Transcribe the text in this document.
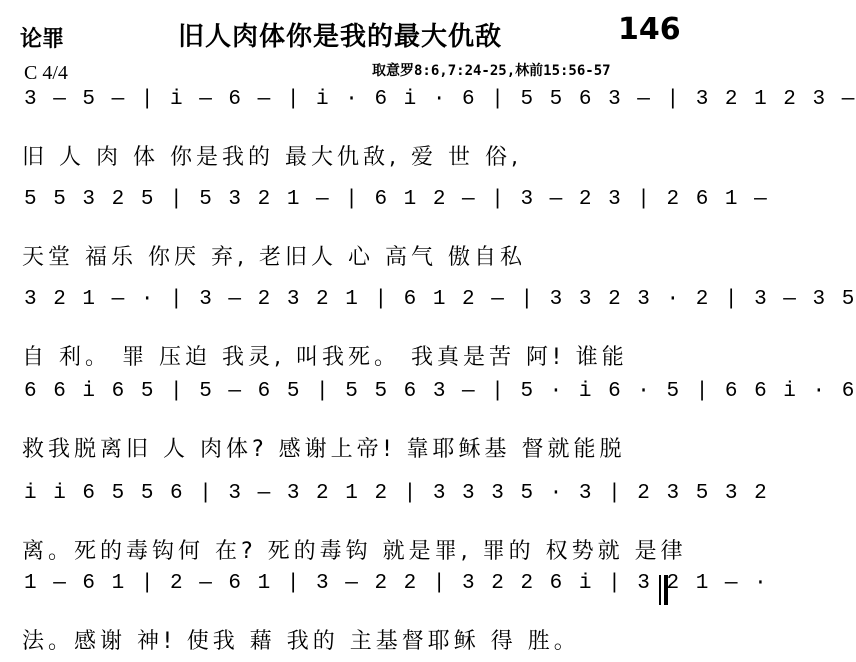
论罪	旧人肉体你是我的最大仇敌	146
C 4/4	取意罗8:6,7:24-25,林前15:56-57
3 — 5 — | i — 6 — | i · 6 i · 6 | 5 5 6 3 — | 3 2 1 2 3 —
旧 人 肉 体 你是我的 最大仇敌, 爱 世 俗,
5 5 3 2 5 | 5 3 2 1 — | 6 1 2 — | 3 — 2 3 | 2 6 1 —
天堂 福乐 你厌 弃, 老旧人 心 高气 傲自私
3 2 1 — · | 3 — 2 3 2 1 | 6 1 2 — | 3 3 2 3 · 2 | 3 — 3 5
自 利。 罪 压迫 我灵, 叫我死。 我真是苦 阿! 谁能
6 6 i 6 5 | 5 — 6 5 | 5 5 6 3 — | 5 · i 6 · 5 | 6 6 i · 6
救我脱离旧 人 肉体? 感谢上帝! 靠耶稣基 督就能脱
i i 6 5 5 6 | 3 — 3 2 1 2 | 3 3 3 5 · 3 | 2 3 5 3 2
离。死的毒钩何 在? 死的毒钩 就是罪, 罪的 权势就 是律
1 — 6 1 | 2 — 6 1 | 3 — 2 2 | 3 2 2 6 i | 3 2 1 — ·
法。感谢 神! 使我 藉 我的 主基督耶稣 得 胜。
